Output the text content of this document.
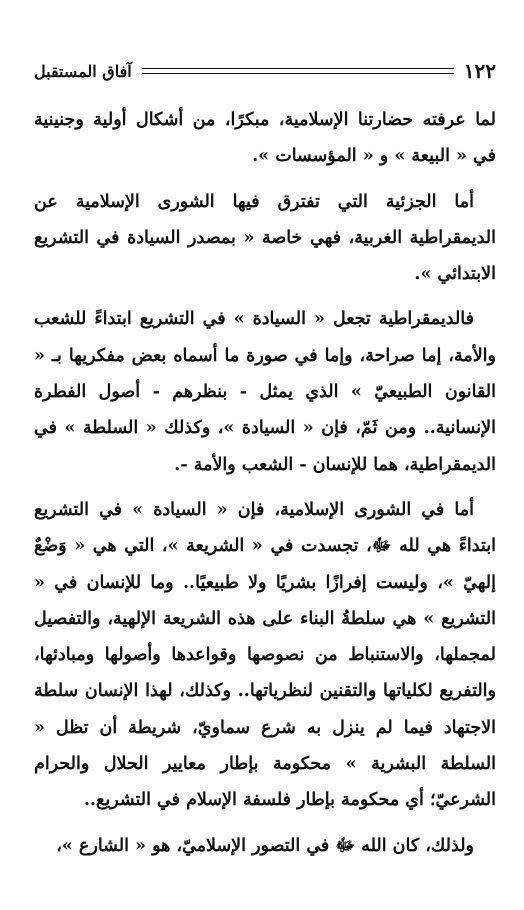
١٢٢
آفاق المستقبل

لما عرفته حضارتنا الإسلامية، مبكرًا، من أشكال أولية وجنينية في « البيعة » و « المؤسسات ».

أما الجزئية التي تفترق فيها الشورى الإسلامية عن الديمقراطية الغربية، فهي خاصة « بمصدر السيادة في التشريع الابتدائي ».

فالديمقراطية تجعل « السيادة » في التشريع ابتداءً للشعب والأمة، إما صراحة، وإما في صورة ما أسماه بعض مفكريها بـ « القانون الطبيعيّ » الذي يمثل - بنظرهم - أصول الفطرة الإنسانية.. ومن ثَمّ، فإن « السيادة »، وكذلك « السلطة » في الديمقراطية، هما للإنسان - الشعب والأمة -.

أما في الشورى الإسلامية، فإن « السيادة » في التشريع ابتداءً هي لله ﷻ، تجسدت في « الشريعة »، التي هي « وَضْعٌ إلهيّ »، وليست إفرازًا بشريًا ولا طبيعيًا.. وما للإنسان في « التشريع » هي سلطةُ البناء على هذه الشريعة الإلهية، والتفصيل لمجملها، والاستنباط من نصوصها وقواعدها وأصولها ومبادئها، والتفريع لكلياتها والتقنين لنظرياتها.. وكذلك، لهذا الإنسان سلطة الاجتهاد فيما لم ينزل به شرع سماويّ، شريطة أن تظل « السلطة البشرية » محكومة بإطار معايير الحلال والحرام الشرعيّ؛ أي محكومة بإطار فلسفة الإسلام في التشريع..

ولذلك، كان الله ﷻ في التصور الإسلاميّ، هو « الشارع »،
